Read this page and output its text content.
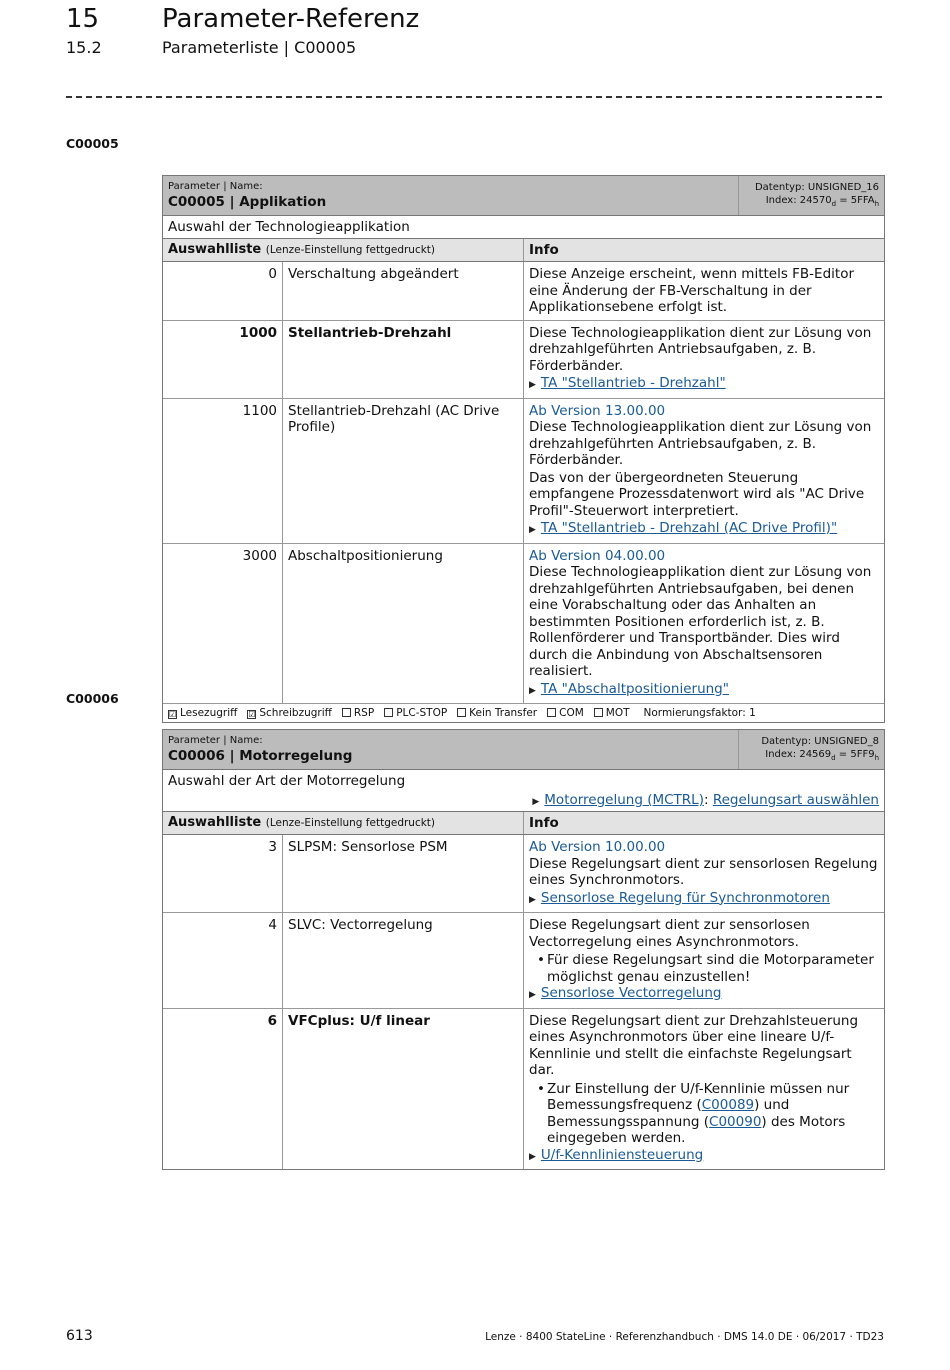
15 Parameter-Referenz
15.2	Parameterliste | C00005
C00005
Parameter | Name:
C00005 | Applikation
Datentyp: UNSIGNED_16
Index: $24570_d = 5FFA_h$
Auswahl der Technologieapplikation
Auswahlliste (Lenze-Einstellung fettgedruckt)	Info
0 Verschaltung abgeändert	Diese Anzeige erscheint, wenn mittels FB-Editor eine Änderung der FB-Verschaltung in der Applikationsebene erfolgt ist.
1000 Stellantrieb-Drehzahl	Diese Technologieapplikation dient zur Lösung von drehzahlgeführten Antriebsaufgaben, z. B. Förderbänder.
▶ TA "Stellantrieb - Drehzahl"
1100 Stellantrieb-Drehzahl (AC Drive Profile)
Ab Version 13.00.00
Diese Technologieapplikation dient zur Lösung von drehzahlgeführten Antriebsaufgaben, z. B. Förderbänder.
Das von der übergeordneten Steuerung empfangene Prozessdatenwort wird als "AC Drive Profil"-Steuerwort interpretiert.
▶ TA "Stellantrieb - Drehzahl (AC Drive Profil)"
3000 Abschaltpositionierung	Ab Version 04.00.00
Diese Technologieapplikation dient zur Lösung von drehzahlgeführten Antriebsaufgaben, bei denen eine Vorabschaltung oder das Anhalten an bestimmten Positionen erforderlich ist, z. B. Rollenförderer und Transportbänder. Dies wird durch die Anbindung von Abschaltsensoren realisiert.
▶ TA "Abschaltpositionierung"
☑ Lesezugriff ☑ Schreibzugriff	RSP	PLC-STOP	Kein Transfer	COM	MOT Normierungsfaktor: 1
C00006
Parameter | Name:
C00006 | Motorregelung
Datentyp: UNSIGNED_8
Index: $24569_d = 5FF9_h$
Auswahl der Art der Motorregelung
▶ Motorregelung (MCTRL): Regelungsart auswählen
Auswahlliste (Lenze-Einstellung fettgedruckt)	Info
3 SLPSM: Sensorlose PSM	Ab Version 10.00.00
Diese Regelungsart dient zur sensorlosen Regelung eines Synchronmotors.
▶ Sensorlose Regelung für Synchronmotoren
4 SLVC: Vectorregelung	Diese Regelungsart dient zur sensorlosen Vectorregelung eines Asynchronmotors.
• Für diese Regelungsart sind die Motorparameter möglichst genau einzustellen!
▶ Sensorlose Vectorregelung
6 VFCplus: U/f linear	Diese Regelungsart dient zur Drehzahlsteuerung eines Asynchronmotors über eine lineare U/f-Kennlinie und stellt die einfachste Regelungsart dar.
• Zur Einstellung der U/f-Kennlinie müssen nur Bemessungsfrequenz (C00089) und Bemessungsspannung (C00090) des Motors eingegeben werden.
▶ U/f-Kennliniensteuerung
613	Lenze · 8400 StateLine · Referenzhandbuch · DMS 14.0 DE · 06/2017 · TD23
